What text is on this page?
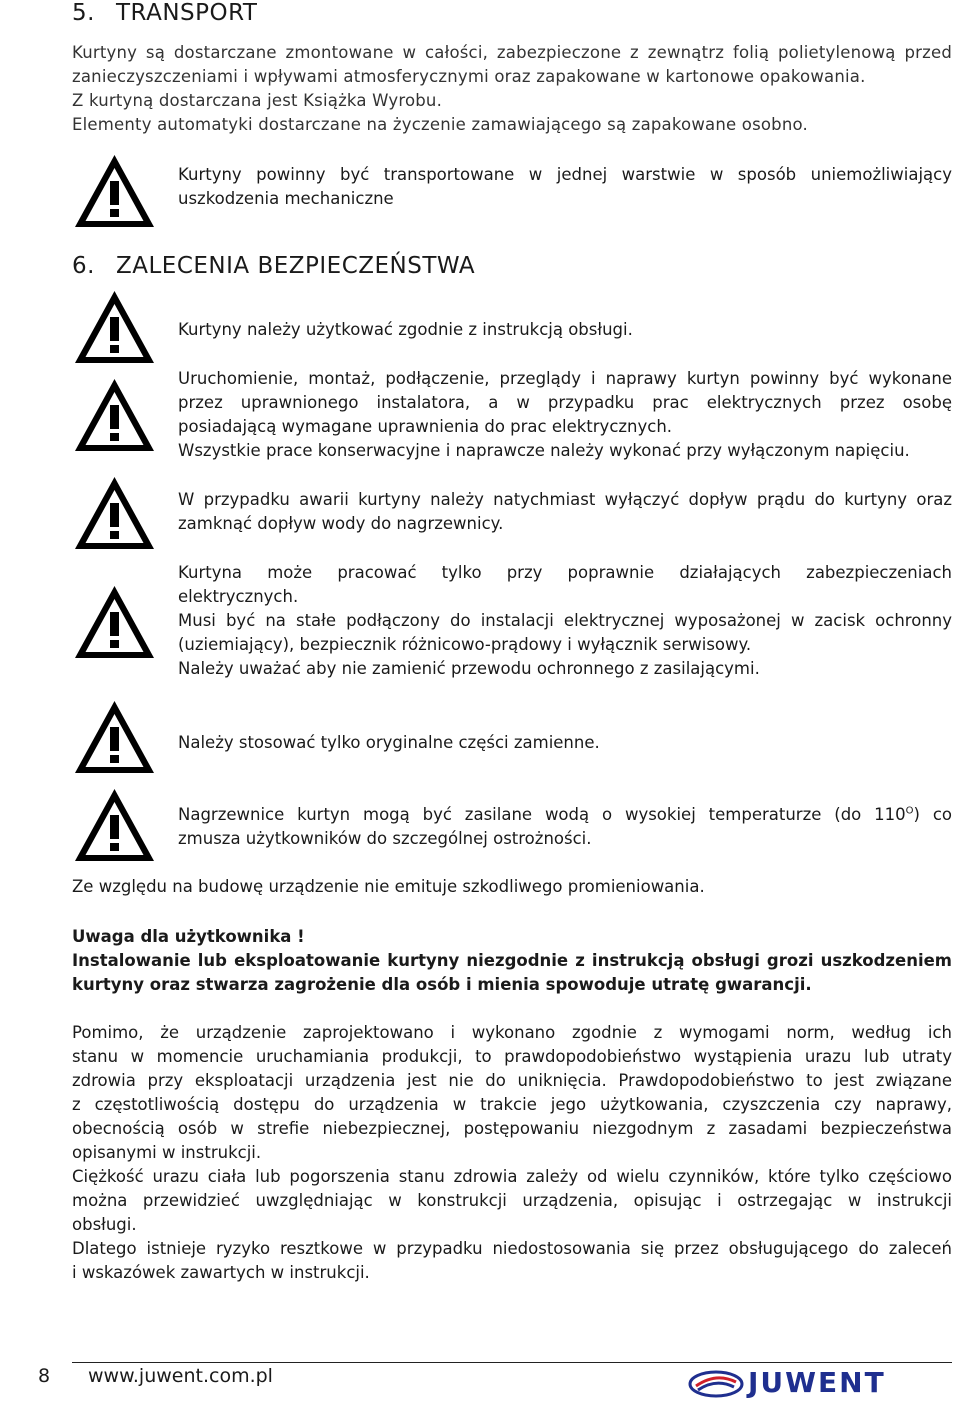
5. TRANSPORT
Kurtyny są dostarczane zmontowane w całości, zabezpieczone z zewnątrz folią polietylenową przed
zanieczyszczeniami i wpływami atmosferycznymi oraz zapakowane w kartonowe opakowania.
Z kurtyną dostarczana jest Książka Wyrobu.
Elementy automatyki dostarczane na życzenie zamawiającego są zapakowane osobno.
Kurtyny powinny być transportowane w jednej warstwie w sposób uniemożliwiający
uszkodzenia mechaniczne
6. ZALECENIA BEZPIECZEŃSTWA
Kurtyny należy użytkować zgodnie z instrukcją obsługi.
Uruchomienie, montaż, podłączenie, przeglądy i naprawy kurtyn powinny być wykonane
przez uprawnionego instalatora, a w przypadku prac elektrycznych przez osobę
posiadającą wymagane uprawnienia do prac elektrycznych.
Wszystkie prace konserwacyjne i naprawcze należy wykonać przy wyłączonym napięciu.
W przypadku awarii kurtyny należy natychmiast wyłączyć dopływ prądu do kurtyny oraz
zamknąć dopływ wody do nagrzewnicy.
Kurtyna może pracować tylko przy poprawnie działających zabezpieczeniach
elektrycznych.
Musi być na stałe podłączony do instalacji elektrycznej wyposażonej w zacisk ochronny
(uziemiający), bezpiecznik różnicowo-prądowy i wyłącznik serwisowy.
Należy uważać aby nie zamienić przewodu ochronnego z zasilającymi.
Należy stosować tylko oryginalne części zamienne.
Nagrzewnice kurtyn mogą być zasilane wodą o wysokiej temperaturze (do $110^O$) co
zmusza użytkowników do szczególnej ostrożności.
Ze względu na budowę urządzenie nie emituje szkodliwego promieniowania.
Uwaga dla użytkownika !
Instalowanie lub eksploatowanie kurtyny niezgodnie z instrukcją obsługi grozi uszkodzeniem
kurtyny oraz stwarza zagrożenie dla osób i mienia spowoduje utratę gwarancji.
Pomimo, że urządzenie zaprojektowano i wykonano zgodnie z wymogami norm, według ich
stanu w momencie uruchamiania produkcji, to prawdopodobieństwo wystąpienia urazu lub utraty
zdrowia przy eksploatacji urządzenia jest nie do uniknięcia. Prawdopodobieństwo to jest związane
z częstotliwością dostępu do urządzenia w trakcie jego użytkowania, czyszczenia czy naprawy,
obecnością osób w strefie niebezpiecznej, postępowaniu niezgodnym z zasadami bezpieczeństwa
opisanymi w instrukcji.
Ciężkość urazu ciała lub pogorszenia stanu zdrowia zależy od wielu czynników, które tylko częściowo
można przewidzieć uwzględniając w konstrukcji urządzenia, opisując i ostrzegając w instrukcji
obsługi.
Dlatego istnieje ryzyko resztkowe w przypadku niedostosowania się przez obsługującego do zaleceń
i wskazówek zawartych w instrukcji.
8 www.juwent.com.pl	JUWENT
